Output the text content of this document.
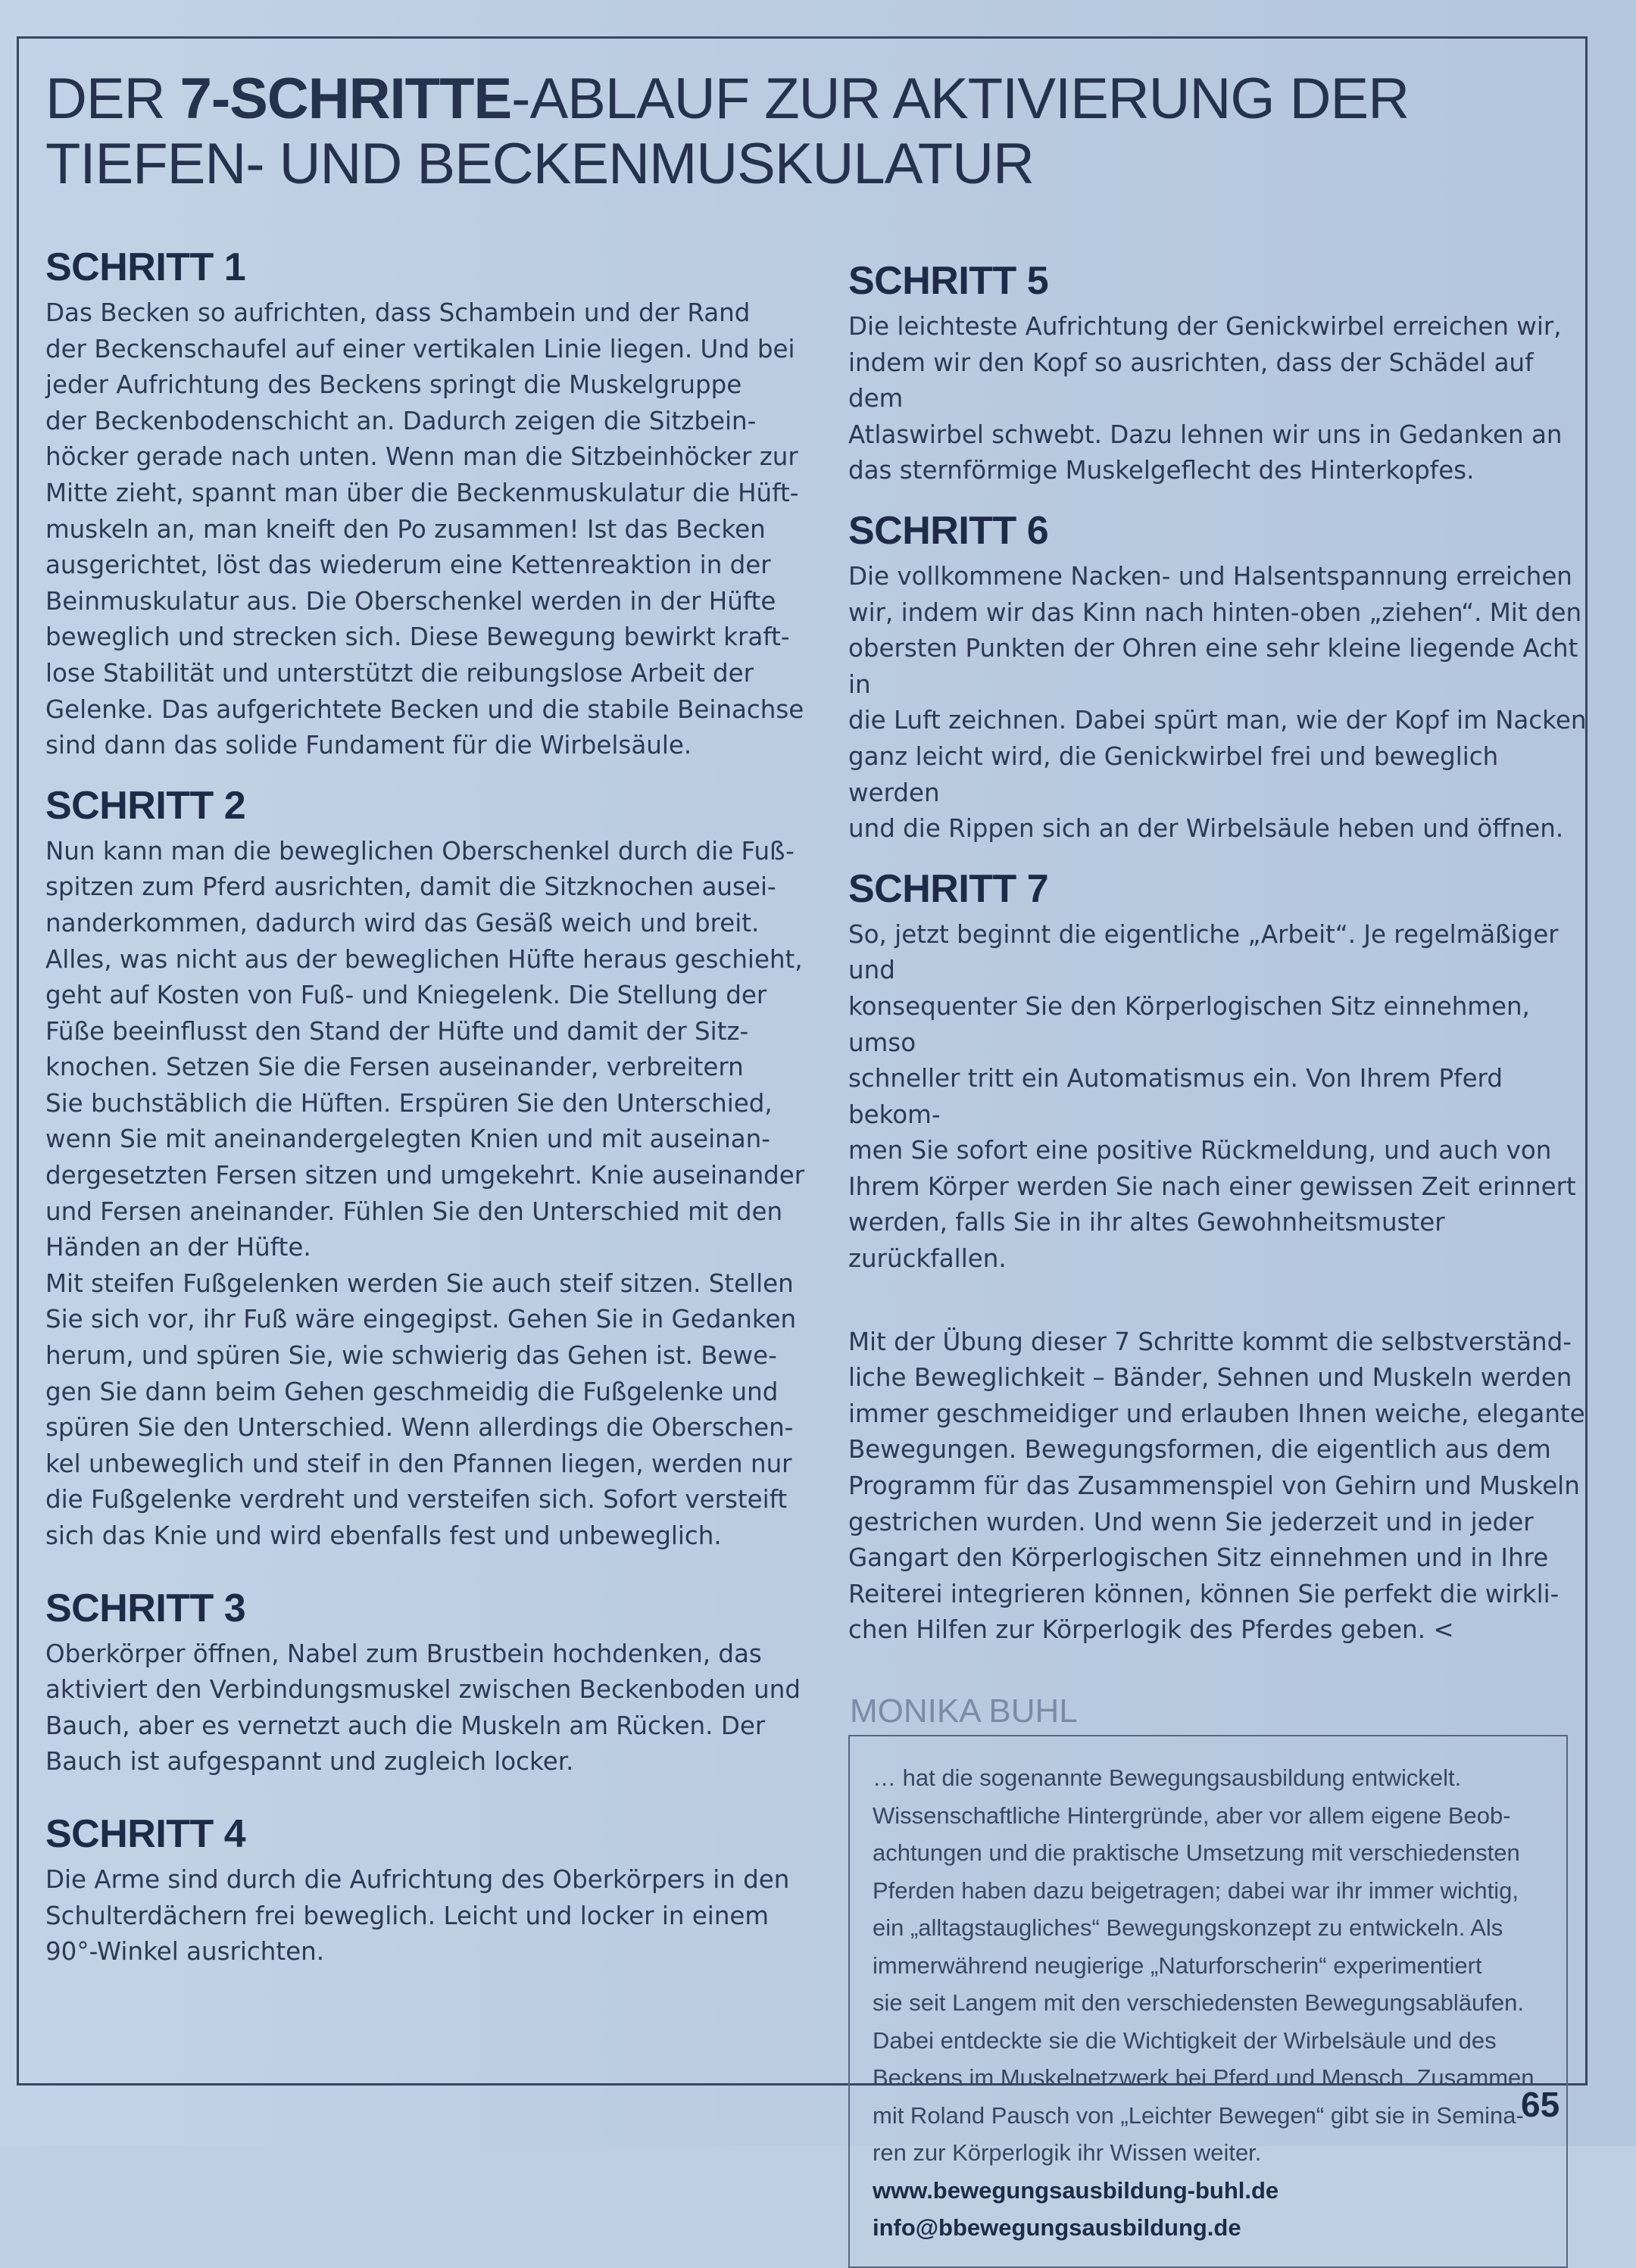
DER 7-SCHRITTE-ABLAUF ZUR AKTIVIERUNG DER
TIEFEN- UND BECKENMUSKULATUR
SCHRITT 1

Das Becken so aufrichten, dass Schambein und der Rand
der Beckenschaufel auf einer vertikalen Linie liegen. Und bei
jeder Aufrichtung des Beckens springt die Muskelgruppe
der Beckenbodenschicht an. Dadurch zeigen die Sitzbein-
höcker gerade nach unten. Wenn man die Sitzbeinhöcker zur
Mitte zieht, spannt man über die Beckenmuskulatur die Hüft-
muskeln an, man kneift den Po zusammen! Ist das Becken
ausgerichtet, löst das wiederum eine Kettenreaktion in der
Beinmuskulatur aus. Die Oberschenkel werden in der Hüfte
beweglich und strecken sich. Diese Bewegung bewirkt kraft-
lose Stabilität und unterstützt die reibungslose Arbeit der
Gelenke. Das aufgerichtete Becken und die stabile Beinachse
sind dann das solide Fundament für die Wirbelsäule.

SCHRITT 2

Nun kann man die beweglichen Oberschenkel durch die Fuß-
spitzen zum Pferd ausrichten, damit die Sitzknochen ausei-
nanderkommen, dadurch wird das Gesäß weich und breit.
Alles, was nicht aus der beweglichen Hüfte heraus geschieht,
geht auf Kosten von Fuß- und Kniegelenk. Die Stellung der
Füße beeinflusst den Stand der Hüfte und damit der Sitz-
knochen. Setzen Sie die Fersen auseinander, verbreitern
Sie buchstäblich die Hüften. Erspüren Sie den Unterschied,
wenn Sie mit aneinandergelegten Knien und mit auseinan-
dergesetzten Fersen sitzen und umgekehrt. Knie auseinander
und Fersen aneinander. Fühlen Sie den Unterschied mit den
Händen an der Hüfte.
Mit steifen Fußgelenken werden Sie auch steif sitzen. Stellen
Sie sich vor, ihr Fuß wäre eingegipst. Gehen Sie in Gedanken
herum, und spüren Sie, wie schwierig das Gehen ist. Bewe-
gen Sie dann beim Gehen geschmeidig die Fußgelenke und
spüren Sie den Unterschied. Wenn allerdings die Oberschen-
kel unbeweglich und steif in den Pfannen liegen, werden nur
die Fußgelenke verdreht und versteifen sich. Sofort versteift
sich das Knie und wird ebenfalls fest und unbeweglich.

SCHRITT 3

Oberkörper öffnen, Nabel zum Brustbein hochdenken, das
aktiviert den Verbindungsmuskel zwischen Beckenboden und
Bauch, aber es vernetzt auch die Muskeln am Rücken. Der
Bauch ist aufgespannt und zugleich locker.

SCHRITT 4

Die Arme sind durch die Aufrichtung des Oberkörpers in den
Schulterdächern frei beweglich. Leicht und locker in einem
90°-Winkel ausrichten.

SCHRITT 5

Die leichteste Aufrichtung der Genickwirbel erreichen wir,
indem wir den Kopf so ausrichten, dass der Schädel auf dem
Atlaswirbel schwebt. Dazu lehnen wir uns in Gedanken an
das sternförmige Muskelgeflecht des Hinterkopfes.

SCHRITT 6

Die vollkommene Nacken- und Halsentspannung erreichen
wir, indem wir das Kinn nach hinten-oben „ziehen“. Mit den
obersten Punkten der Ohren eine sehr kleine liegende Acht in
die Luft zeichnen. Dabei spürt man, wie der Kopf im Nacken
ganz leicht wird, die Genickwirbel frei und beweglich werden
und die Rippen sich an der Wirbelsäule heben und öffnen.

SCHRITT 7

So, jetzt beginnt die eigentliche „Arbeit“. Je regelmäßiger und
konsequenter Sie den Körperlogischen Sitz einnehmen, umso
schneller tritt ein Automatismus ein. Von Ihrem Pferd bekom-
men Sie sofort eine positive Rückmeldung, und auch von
Ihrem Körper werden Sie nach einer gewissen Zeit erinnert
werden, falls Sie in ihr altes Gewohnheitsmuster zurückfallen.

Mit der Übung dieser 7 Schritte kommt die selbstverständ-
liche Beweglichkeit – Bänder, Sehnen und Muskeln werden
immer geschmeidiger und erlauben Ihnen weiche, elegante
Bewegungen. Bewegungsformen, die eigentlich aus dem
Programm für das Zusammenspiel von Gehirn und Muskeln
gestrichen wurden. Und wenn Sie jederzeit und in jeder
Gangart den Körperlogischen Sitz einnehmen und in Ihre
Reiterei integrieren können, können Sie perfekt die wirkli-
chen Hilfen zur Körperlogik des Pferdes geben. <

MONIKA BUHL

… hat die sogenannte Bewegungsausbildung entwickelt.
Wissenschaftliche Hintergründe, aber vor allem eigene Beob-
achtungen und die praktische Umsetzung mit verschiedensten
Pferden haben dazu beigetragen; dabei war ihr immer wichtig,
ein „alltagstaugliches“ Bewegungskonzept zu entwickeln. Als
immerwährend neugierige „Naturforscherin“ experimentiert
sie seit Langem mit den verschiedensten Bewegungsabläufen.
Dabei entdeckte sie die Wichtigkeit der Wirbelsäule und des
Beckens im Muskelnetzwerk bei Pferd und Mensch. Zusammen
mit Roland Pausch von „Leichter Bewegen“ gibt sie in Semina-
ren zur Körperlogik ihr Wissen weiter.

www.bewegungsausbildung-buhl.de
info@bbewegungsausbildung.de
65
